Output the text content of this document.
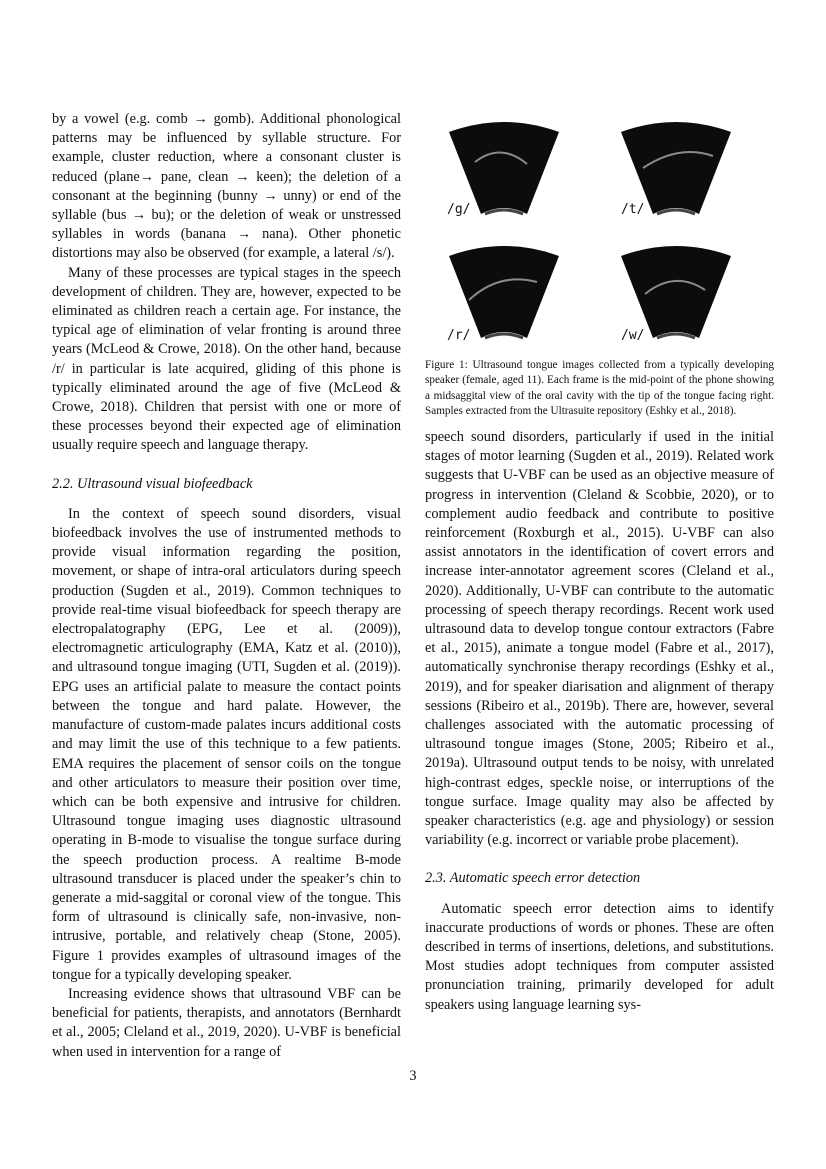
by a vowel (e.g. comb → gomb). Additional phonological patterns may be influenced by syllable structure. For example, cluster reduction, where a consonant cluster is reduced (plane→ pane, clean → keen); the deletion of a consonant at the beginning (bunny → unny) or end of the syllable (bus → bu); or the deletion of weak or unstressed syllables in words (banana → nana). Other phonetic distortions may also be observed (for example, a lateral /s/).

Many of these processes are typical stages in the speech development of children. They are, however, expected to be eliminated as children reach a certain age. For instance, the typical age of elimination of velar fronting is around three years (McLeod & Crowe, 2018). On the other hand, because /r/ in particular is late acquired, gliding of this phone is typically eliminated around the age of five (McLeod & Crowe, 2018). Children that persist with one or more of these processes beyond their expected age of elimination usually require speech and language therapy.

2.2. Ultrasound visual biofeedback

In the context of speech sound disorders, visual biofeedback involves the use of instrumented methods to provide visual information regarding the position, movement, or shape of intra-oral articulators during speech production (Sugden et al., 2019). Common techniques to provide real-time visual biofeedback for speech therapy are electropalatography (EPG, Lee et al. (2009)), electromagnetic articulography (EMA, Katz et al. (2010)), and ultrasound tongue imaging (UTI, Sugden et al. (2019)). EPG uses an artificial palate to measure the contact points between the tongue and hard palate. However, the manufacture of custom-made palates incurs additional costs and may limit the use of this technique to a few patients. EMA requires the placement of sensor coils on the tongue and other articulators to measure their position over time, which can be both expensive and intrusive for children. Ultrasound tongue imaging uses diagnostic ultrasound operating in B-mode to visualise the tongue surface during the speech production process. A realtime B-mode ultrasound transducer is placed under the speaker’s chin to generate a mid-saggital or coronal view of the tongue. This form of ultrasound is clinically safe, non-invasive, non-intrusive, portable, and relatively cheap (Stone, 2005). Figure 1 provides examples of ultrasound images of the tongue for a typically developing speaker.

Increasing evidence shows that ultrasound VBF can be beneficial for patients, therapists, and annotators (Bernhardt et al., 2005; Cleland et al., 2019, 2020). U-VBF is beneficial when used in intervention for a range of

/g/	/t/
/r/	/w/
Figure 1: Ultrasound tongue images collected from a typically developing speaker (female, aged 11). Each frame is the mid-point of the phone showing a midsaggital view of the oral cavity with the tip of the tongue facing right. Samples extracted from the Ultrasuite repository (Eshky et al., 2018).

speech sound disorders, particularly if used in the initial stages of motor learning (Sugden et al., 2019). Related work suggests that U-VBF can be used as an objective measure of progress in intervention (Cleland & Scobbie, 2020), or to complement audio feedback and contribute to positive reinforcement (Roxburgh et al., 2015). U-VBF can also assist annotators in the identification of covert errors and increase inter-annotator agreement scores (Cleland et al., 2020). Additionally, U-VBF can contribute to the automatic processing of speech therapy recordings. Recent work used ultrasound data to develop tongue contour extractors (Fabre et al., 2015), animate a tongue model (Fabre et al., 2017), automatically synchronise therapy recordings (Eshky et al., 2019), and for speaker diarisation and alignment of therapy sessions (Ribeiro et al., 2019b). There are, however, several challenges associated with the automatic processing of ultrasound tongue images (Stone, 2005; Ribeiro et al., 2019a). Ultrasound output tends to be noisy, with unrelated high-contrast edges, speckle noise, or interruptions of the tongue surface. Image quality may also be affected by speaker characteristics (e.g. age and physiology) or session variability (e.g. incorrect or variable probe placement).

2.3. Automatic speech error detection

Automatic speech error detection aims to identify inaccurate productions of words or phones. These are often described in terms of insertions, deletions, and substitutions. Most studies adopt techniques from computer assisted pronunciation training, primarily developed for adult speakers using language learning sys-

3
